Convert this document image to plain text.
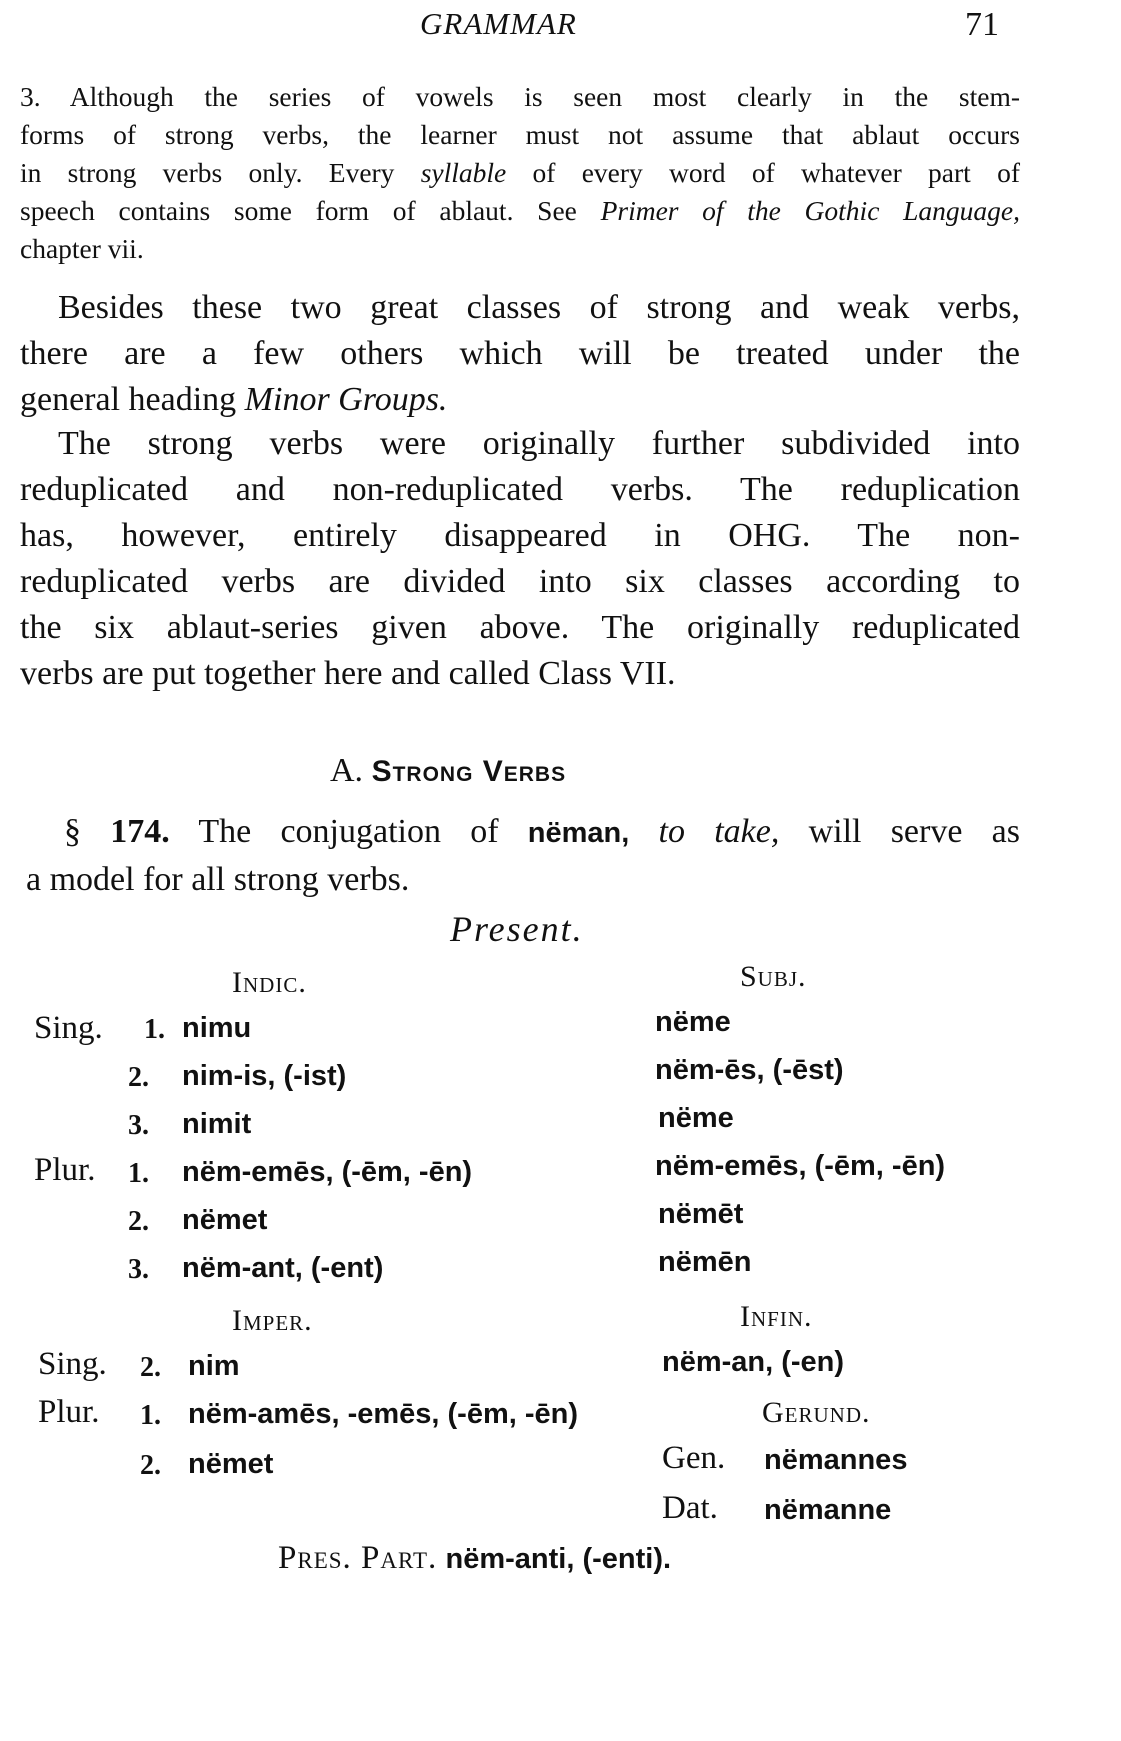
GRAMMAR	71
3. Although the series of vowels is seen most clearly in the stem-
forms of strong verbs, the learner must not assume that ablaut occurs
in strong verbs only. Every syllable of every word of whatever part of
speech contains some form of ablaut. See Primer of the Gothic Language,
chapter vii.
Besides these two great classes of strong and weak verbs,
there are a few others which will be treated under the
general heading Minor Groups.
The strong verbs were originally further subdivided into
reduplicated and non-reduplicated verbs. The reduplication
has, however, entirely disappeared in OHG. The non-
reduplicated verbs are divided into six classes according to
the six ablaut-series given above. The originally reduplicated
verbs are put together here and called Class VII.
A. Strong Verbs
§ 174. The conjugation of nëman, to take, will serve as
a model for all strong verbs.
Present.
Indic.	Subj.
Sing. 1. nimu	nëme
2. nim-is, (-ist)	nëm-ēs, (-ēst)
3. nimit	nëme
Plur. 1. nëm-emēs, (-ēm, -ēn)	nëm-emēs, (-ēm, -ēn)
2. nëmet	nëmēt
3. nëm-ant, (-ent)	nëmēn
Imper.	Infin.
Sing. 2. nim	nëm-an, (-en)
Plur. 1. nëm-amēs, -emēs, (-ēm, -ēn)	Gerund.
2. nëmet	Gen. nëmannes
Dat. nëmanne
Pres. Part. nëm-anti, (-enti).
